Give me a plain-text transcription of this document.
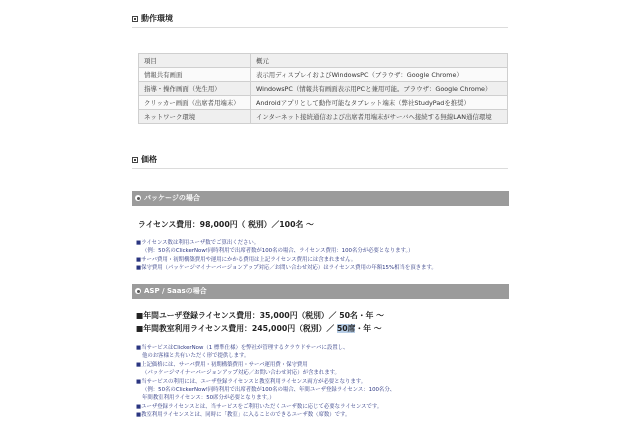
動作環境
項目	概元
情報共有画面	表示用ディスプレイおよびWindowsPC（ブラウザ：Google Chrome）
指導・操作画面（先生用）	WindowsPC（情報共有画面表示用PCと兼用可能。ブラウザ：Google Chrome）
クリッカー画面（出席者用端末）	Androidアプリとして動作可能なタブレット端末（弊社StudyPadを推奨）
ネットワーク環境	インターネット接続通信および出席者用端末がサーバへ接続する無線LAN通信環境
価格
パッケージの場合
ライセンス費用：98,000円（ 税別）／100名 〜
■ライセンス数は利用ユーザ数でご算出ください。
（例：50名のClickerNow!同時利用で出席者数が100名の場合、ライセンス費用：100名分が必要となります。）
■サーバ費用・初期構築費用や運用にかかる費用は上記ライセンス費用には含まれません。
■保守費用（パッケージマイナーバージョンアップ対応／お問い合わせ対応）はライセンス費用の年額15%相当を頂きます。
ASP / Saasの場合
■年間ユーザ登録ライセンス費用：35,000円（税別）／ 50名・年 〜
■年間教室利用ライセンス費用：245,000円（税別）／ 50席・年 〜
■当サービスはClickerNow（1 標準仕様）を弊社が管理するクラウドサーバに設置し、
他のお客様と共有いただく形で提供します。
■上記価格には、サーバ費用・初期構築費用・サーバ運用費・保守費用
（パッケージマイナーバージョンアップ対応／お問い合わせ対応）が含まれます。
■当サービスの利用には、ユーザ登録ライセンスと教室利用ライセンス両方が必要となります。
（例：50名のClickerNow!同時利用で出席者数が100名の場合、年間ユーザ登録ライセンス：100名分、
年間教室利用ライセンス：50席分が必要となります。）
■ユーザ登録ライセンスとは、当サービスをご利用いただくユーザ数に応じて必要なライセンスです。
■教室利用ライセンスとは、同時に「教室」に入ることのできるユーザ数（席数）です。
